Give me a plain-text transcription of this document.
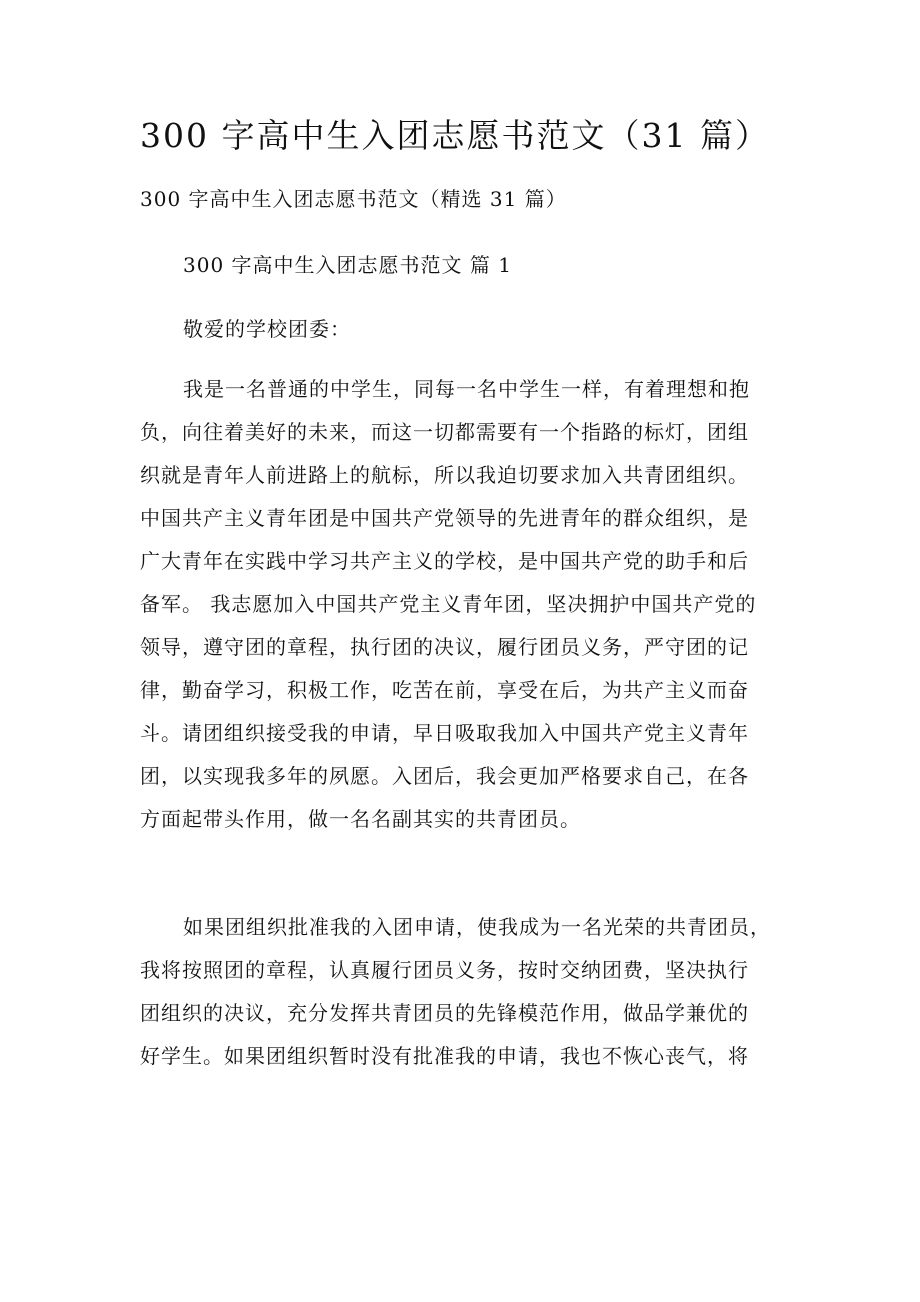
300 字高中生入团志愿书范文（31 篇）
300 字高中生入团志愿书范文（精选 31 篇）
300 字高中生入团志愿书范文 篇 1
敬爱的学校团委：
我是一名普通的中学生，同每一名中学生一样，有着理想和抱
负，向往着美好的未来，而这一切都需要有一个指路的标灯，团组
织就是青年人前进路上的航标，所以我迫切要求加入共青团组织。
中国共产主义青年团是中国共产党领导的先进青年的群众组织，是
广大青年在实践中学习共产主义的学校，是中国共产党的助手和后
备军。 我志愿加入中国共产党主义青年团，坚决拥护中国共产党的
领导，遵守团的章程，执行团的决议，履行团员义务，严守团的记
律，勤奋学习，积极工作，吃苦在前，享受在后，为共产主义而奋
斗。请团组织接受我的申请，早日吸取我加入中国共产党主义青年
团，以实现我多年的夙愿。入团后，我会更加严格要求自己，在各
方面起带头作用，做一名名副其实的共青团员。
如果团组织批准我的入团申请，使我成为一名光荣的共青团员，
我将按照团的章程，认真履行团员义务，按时交纳团费，坚决执行
团组织的决议，充分发挥共青团员的先锋模范作用，做品学兼优的
好学生。如果团组织暂时没有批准我的申请，我也不恢心丧气，将
